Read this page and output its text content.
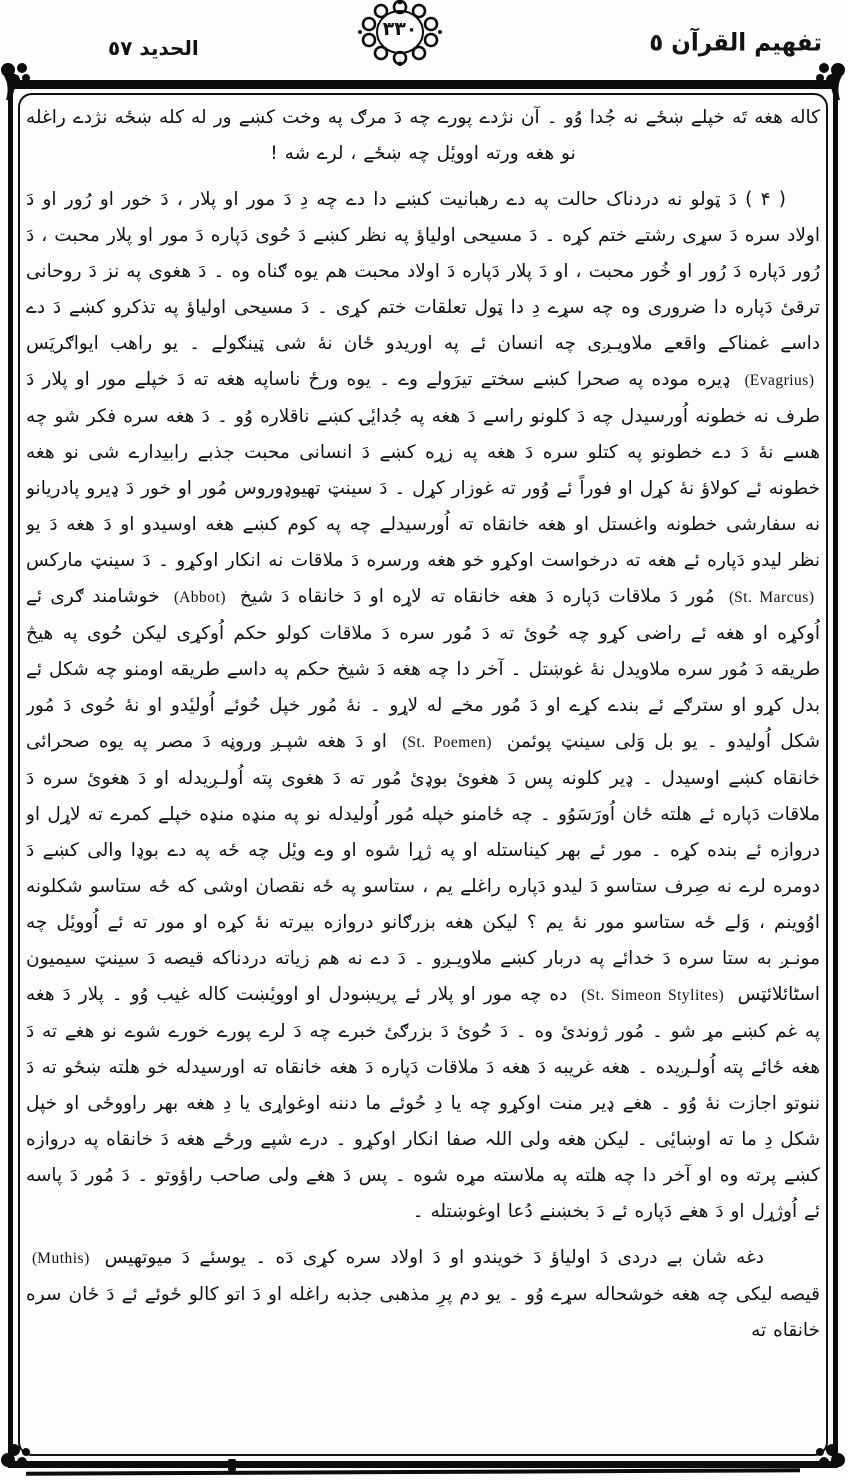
تفهيم القرآن ٥
الحديد ٥٧
٣٣٠

کاله هغه تَه خپلے ښځے نه جُدا وُو ۔ آن نژدے پورے چه دَ مرګ په وخت کښے ور له کله ښځه نژدے راغله نو هغه ورته اوویٔل چه ښځے ، لرے شه !

( ۴ ) دَ ټولو نه دردناک حالت په دے رهبانیت کښے دا دے چه دِ دَ مور او پلار ، دَ خور او رُور او دَ اولاد سره دَ سړی رشتے ختم کړه ۔ دَ مسیحی اولیاؤ په نظر کښے دَ حُوی دَپاره دَ مور او پلار محبت ، دَ رُور دَپاره دَ رُور او خُور محبت ، او دَ پلار دَپاره دَ اولاد محبت هم یوه ګناه وه ۔ دَ هغوی په نز دَ روحانی ترقیٔ دَپاره دا ضروری وه چه سړے دِ دا ټول تعلقات ختم کړی ۔ دَ مسیحی اولیاؤ په تذکرو کښے دَ دے داسے غمناکے واقعے ملاویـږی چه انسان ئے په اوریدو ځان نهٔ شی ټینګولے ۔ یو راهب ایواګریَس (Evagrius) ډیره موده په صحرا کښے سختے تیرَولے وے ۔ یوه ورځ ناساپه هغه ته دَ خپلے مور او پلار دَ طرف نه خطونه اُورسیدل چه دَ کلونو راسے دَ هغه په جُدایٔۍ کښے ناقلاره وُو ۔ دَ هغه سره فکر شو چه هسے نهٔ دَ دے خطونو په کتلو سره دَ هغه په زړه کښے دَ انسانی محبت جذبے رابیدارے شی نو هغه خطونه ئے کولاؤ نهٔ کړل او فوراً ئے وُور ته غوزار کړل ۔ دَ سینټ تهیوډوروس مُور او خور دَ ډیرو پادریانو نه سفارشی خطونه واغستل او هغه خانقاه ته اُورسیدلے چه په کوم کښے هغه اوسیدو او دَ هغه دَ یو نظر لیدو دَپاره ئے هغه ته درخواست اوکړو خو هغه ورسره دَ ملاقات نه انکار اوکړو ۔ دَ سینټ مارکس (St. Marcus) مُور دَ ملاقات دَپاره دَ هغه خانقاه ته لاړه او دَ خانقاه دَ شیخ (Abbot) خوشامند ګری ئے اُوکړه او هغه ئے راضی کړو چه حُویٔ ته دَ مُور سره دَ ملاقات کولو حکم اُوکړی لیکن حُوی په هیڅ طریقه دَ مُور سره ملاویدل نهٔ غوښتل ۔ آخر دا چه هغه دَ شیخ حکم په داسے طریقه اومنو چه شکل ئے بدل کړو او سترګے ئے بندے کړے او دَ مُور مخے له لاړو ۔ نهٔ مُور خپل حُوئے اُولیٔدو او نهٔ حُوی دَ مُور شکل اُولیدو ۔ یو بل وَلی سینټ پوئمن (St. Poemen) او دَ هغه شپـږ وروڼه دَ مصر په یوه صحرائی خانقاه کښے اوسیدل ۔ ډیر کلونه پس دَ هغویٔ بوډیٔ مُور ته دَ هغوی پته اُولـږیدله او دَ هغویٔ سره دَ ملاقات دَپاره ئے هلته ځان اُورَسَوُو ۔ چه ځامنو خپله مُور اُولیدله نو په منډه منډه خپلے کمرے ته لاړل او دروازه ئے بنده کړه ۔ مور ئے بهر کیناستله او په ژړا شوه او وے ویٔل چه ځه په دے بوډا والی کښے دَ دومره لرے نه صِرف ستاسو دَ لیدو دَپاره راغلے یم ، ستاسو په ځه نقصان اوشی که ځه ستاسو شکلونه اوُوینم ، وَلے ځه ستاسو مور نهٔ یم ؟ لیکن هغه بزرګانو دروازه بیرته نهٔ کړه او مور ته ئے اُوویٔل چه مونـږ به ستا سره دَ خدائے په دربار کښے ملاویـږو ۔ دَ دے نه هم زیاته دردناکه قیصه دَ سینټ سیمیون اسٹائلائټس (St. Simeon Stylites) ده چه مور او پلار ئے پریښودل او اوویٔښت کاله غیب وُو ۔ پلار دَ هغه په غم کښے مړ شو ۔ مُور ژوندیٔ وه ۔ دَ حُویٔ دَ بزرګیٔ خبرے چه دَ لرے پورے خورے شوے نو هغے ته دَ هغه ځائے پته اُولـږیده ۔ هغه غریبه دَ هغه دَ ملاقات دَپاره دَ هغه خانقاه ته اورسیدله خو هلته ښځو ته دَ ننوتو اجازت نهٔ وُو ۔ هغے ډیر منت اوکړو چه یا دِ حُوئے ما دننه اوغواړی یا دِ هغه بهر راووځی او خپل شکل دِ ما ته اوښایٔی ۔ لیکن هغه ولی اللہ صفا انکار اوکړو ۔ درے شپے ورځے هغه دَ خانقاه په دروازه کښے پرته وه او آخر دا چه هلته په ملاسته مړه شوه ۔ پس دَ هغے ولی صاحب راؤوتو ۔ دَ مُور دَ پاسه ئے اُوژړل او دَ هغے دَپاره ئے دَ بخښنے دُعا اوغوښتله ۔

دغه شان بے دردی دَ اولیاؤ دَ خویندو او دَ اولاد سره کړی دَه ۔ یوسئے دَ میوتهیس (Muthis) قیصه لیکی چه هغه خوشحاله سړے وُو ۔ یو دم پرِ مذهبی جذبه راغله او دَ اتو کالو ځوئے ئے دَ ځان سره خانقاه ته
